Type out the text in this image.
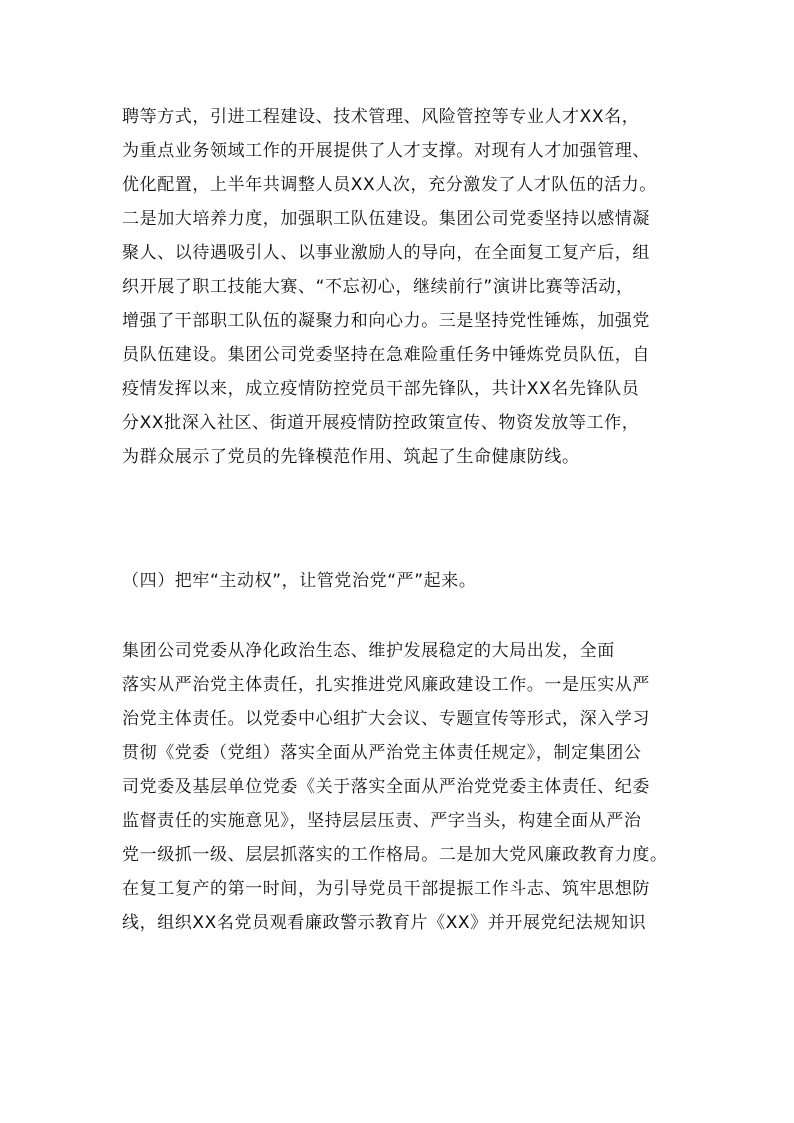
聘等方式，引进工程建设、技术管理、风险管控等专业人才XX名，
为重点业务领域工作的开展提供了人才支撑。对现有人才加强管理、
优化配置，上半年共调整人员XX人次，充分激发了人才队伍的活力。
二是加大培养力度，加强职工队伍建设。集团公司党委坚持以感情凝
聚人、以待遇吸引人、以事业激励人的导向，在全面复工复产后，组
织开展了职工技能大赛、“不忘初心，继续前行”演讲比赛等活动，
增强了干部职工队伍的凝聚力和向心力。三是坚持党性锤炼，加强党
员队伍建设。集团公司党委坚持在急难险重任务中锤炼党员队伍，自
疫情发挥以来，成立疫情防控党员干部先锋队，共计XX名先锋队员
分XX批深入社区、街道开展疫情防控政策宣传、物资发放等工作，
为群众展示了党员的先锋模范作用、筑起了生命健康防线。
（四）把牢“主动权”，让管党治党“严”起来。
集团公司党委从净化政治生态、维护发展稳定的大局出发，全面
落实从严治党主体责任，扎实推进党风廉政建设工作。一是压实从严
治党主体责任。以党委中心组扩大会议、专题宣传等形式，深入学习
贯彻《党委（党组）落实全面从严治党主体责任规定》，制定集团公
司党委及基层单位党委《关于落实全面从严治党党委主体责任、纪委
监督责任的实施意见》，坚持层层压责、严字当头，构建全面从严治
党一级抓一级、层层抓落实的工作格局。二是加大党风廉政教育力度。
在复工复产的第一时间，为引导党员干部提振工作斗志、筑牢思想防
线，组织XX名党员观看廉政警示教育片《XX》并开展党纪法规知识
